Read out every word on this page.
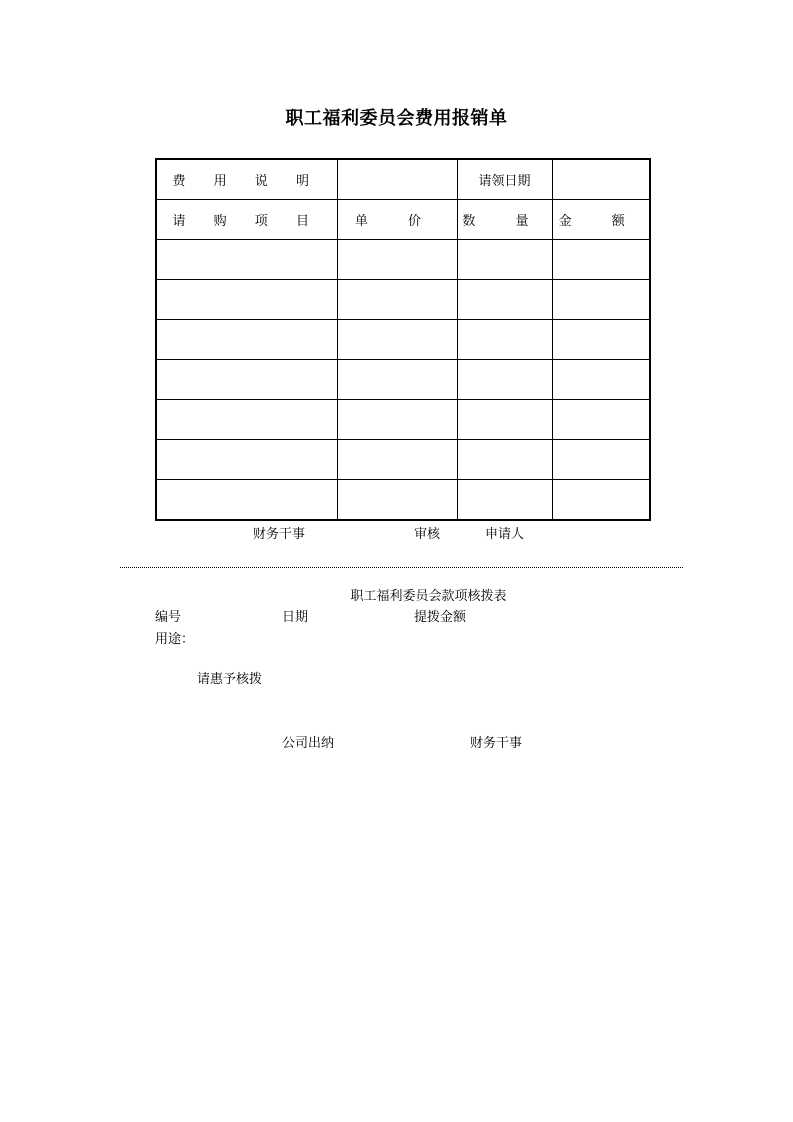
职工福利委员会费用报销单
费 用 说 明		请领日期	
请 购 项 目	单 价	数 量	金 额

财务干事	审核	申请人
职工福利委员会款项核拨表
编号	日期	提拨金额
用途：
请惠予核拨
公司出纳	财务干事
